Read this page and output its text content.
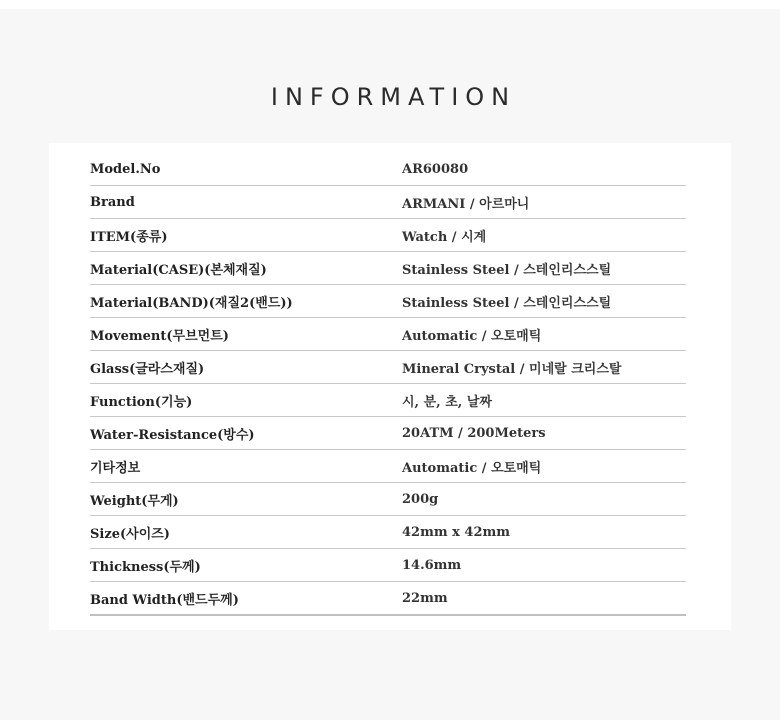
INFORMATION
Model.No	AR60080
Brand	ARMANI / 아르마니
ITEM(종류)	Watch / 시계
Material(CASE)(본체재질)	Stainless Steel / 스테인리스스틸
Material(BAND)(재질2(밴드))	Stainless Steel / 스테인리스스틸
Movement(무브먼트)	Automatic / 오토매틱
Glass(글라스재질)	Mineral Crystal / 미네랄 크리스탈
Function(기능)	시, 분, 초, 날짜
Water-Resistance(방수)	20ATM / 200Meters
기타정보	Automatic / 오토매틱
Weight(무게)	200g
Size(사이즈)	42mm x 42mm
Thickness(두께)	14.6mm
Band Width(밴드두께)	22mm
